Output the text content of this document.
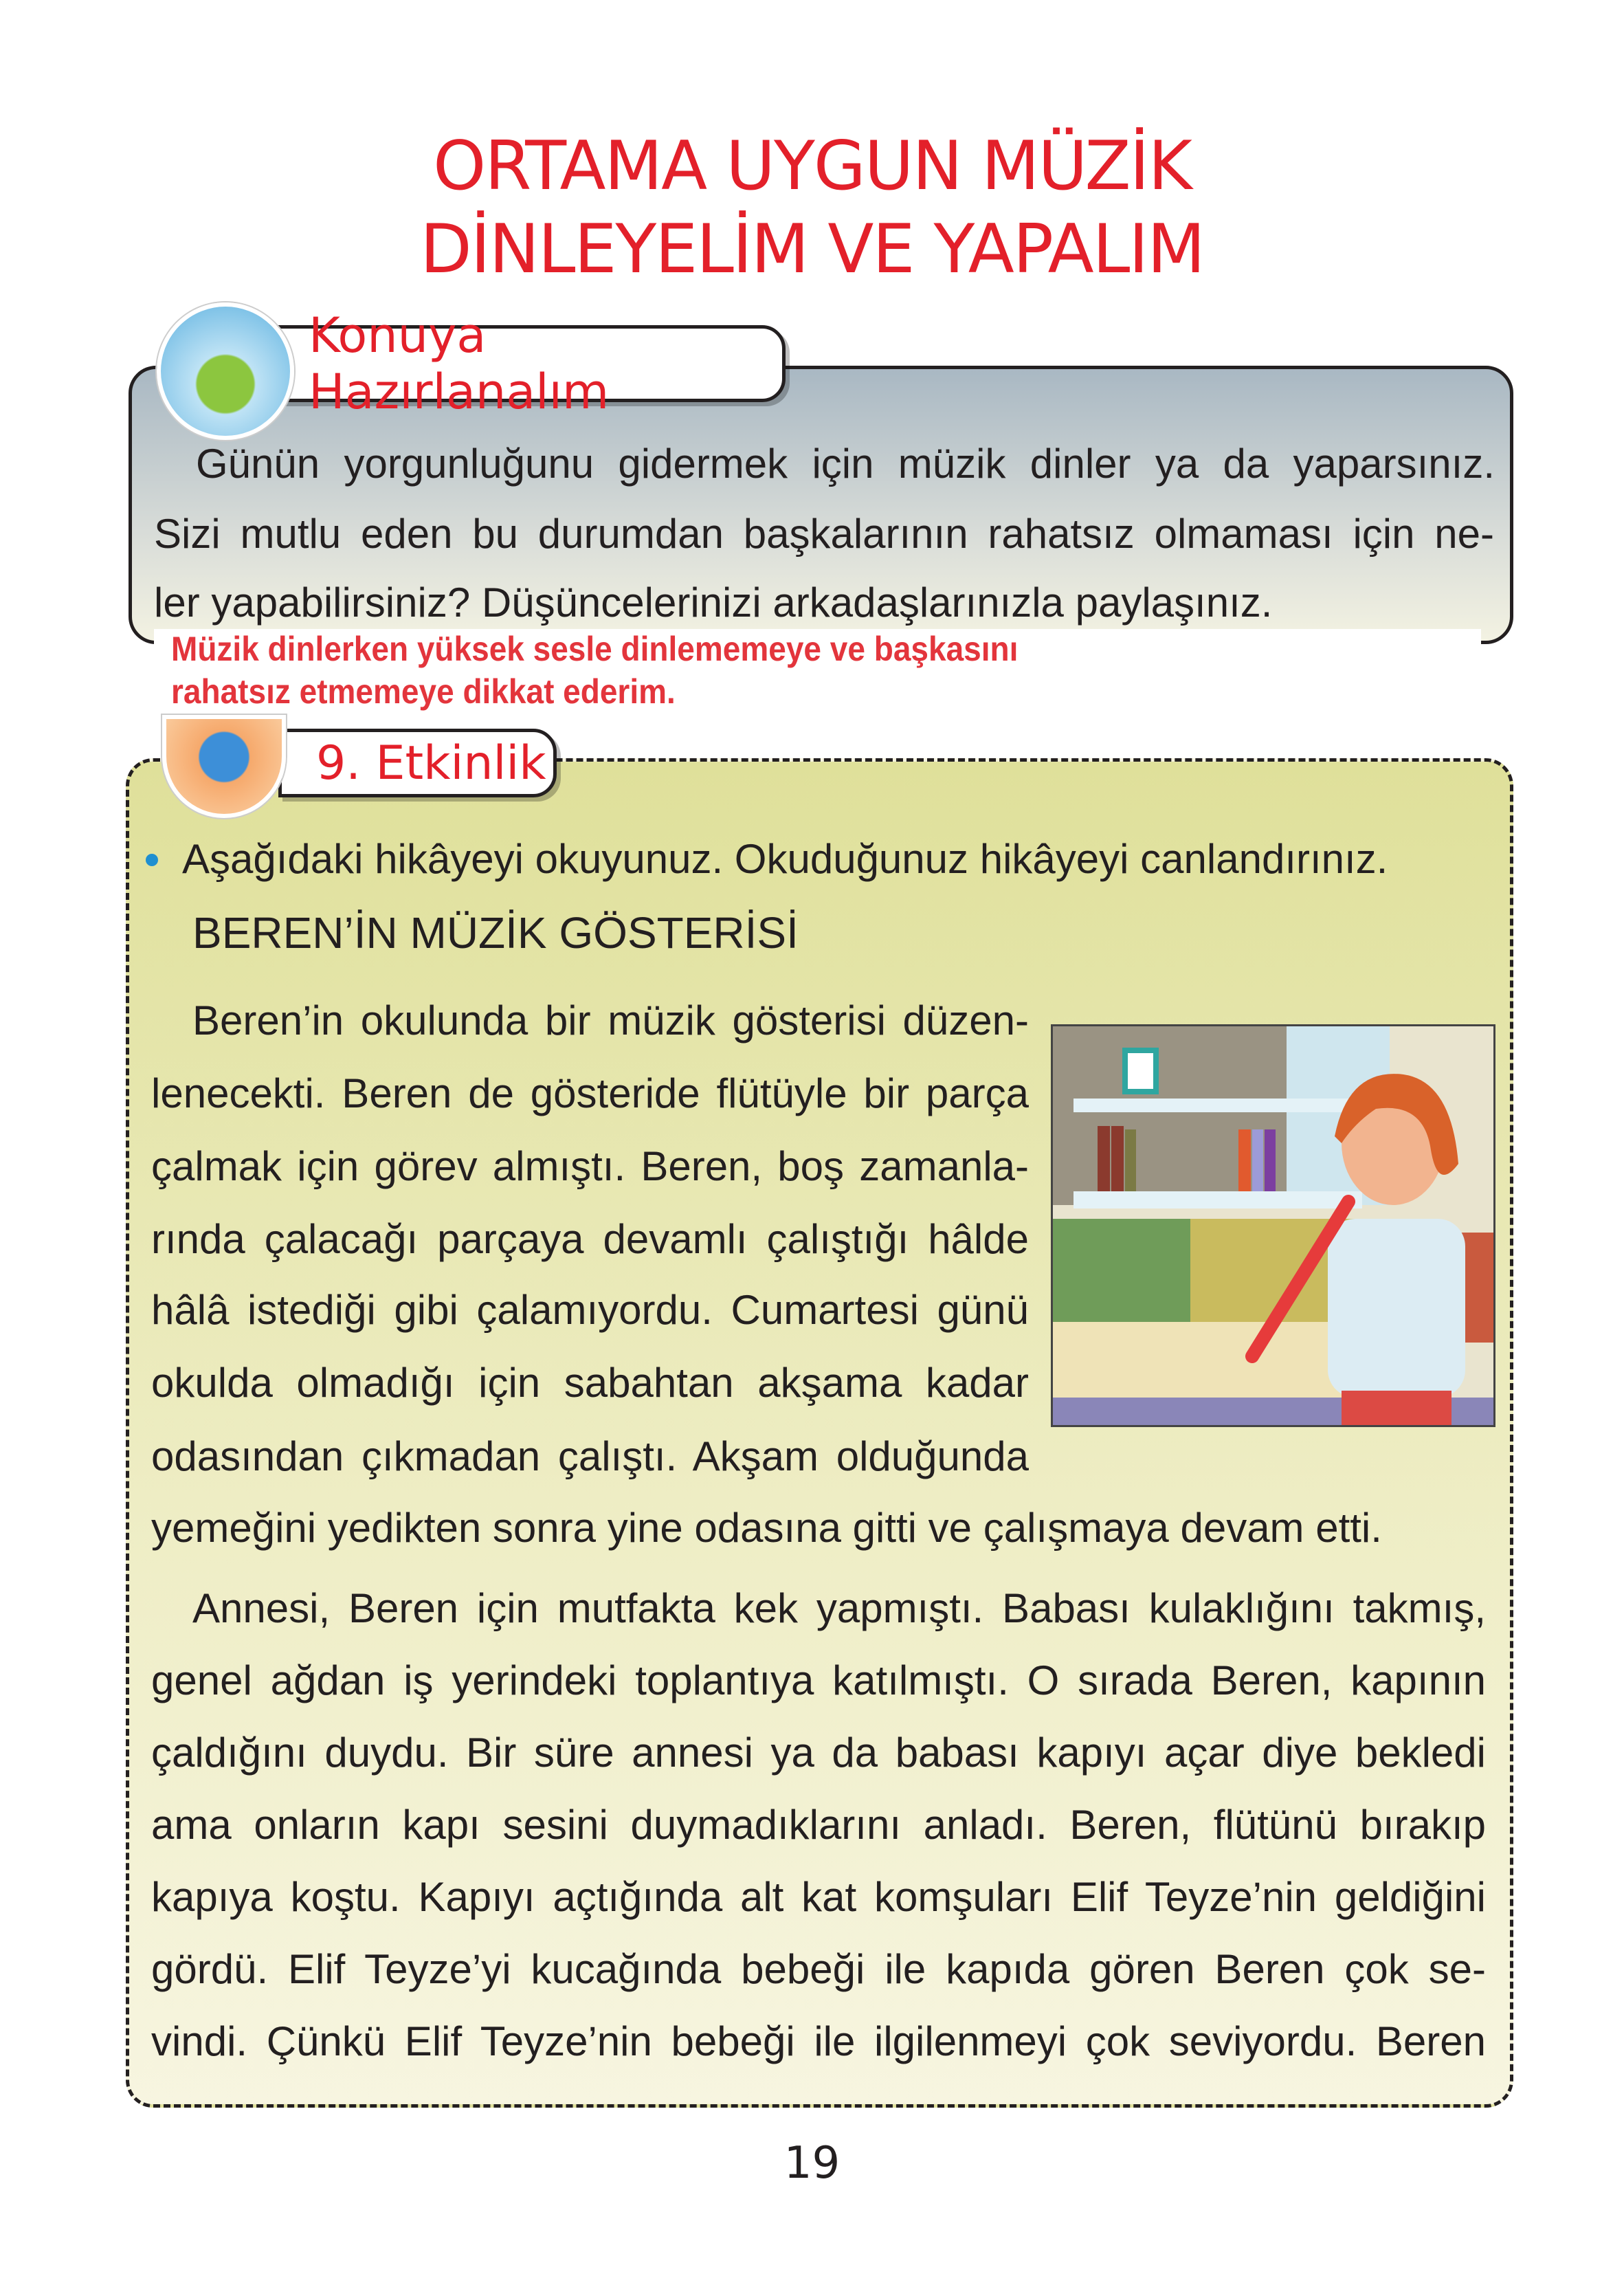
ORTAMA UYGUN MÜZİK
DİNLEYELİM VE YAPALIM
Konuya Hazırlanalım
Günün yorgunluğunu gidermek için müzik dinler ya da yaparsınız.
Sizi mutlu eden bu durumdan başkalarının rahatsız olmaması için ne-
ler yapabilirsiniz? Düşüncelerinizi arkadaşlarınızla paylaşınız.
Müzik dinlerken yüksek sesle dinlememeye ve başkasını
rahatsız etmemeye dikkat ederim.
9. Etkinlik
Aşağıdaki hikâyeyi okuyunuz. Okuduğunuz hikâyeyi canlandırınız.
BEREN’İN MÜZİK GÖSTERİSİ
Beren’in okulunda bir müzik gösterisi düzen-
lenecekti. Beren de gösteride flütüyle bir parça
çalmak için görev almıştı. Beren, boş zamanla-
rında çalacağı parçaya devamlı çalıştığı hâlde
hâlâ istediği gibi çalamıyordu. Cumartesi günü
okulda olmadığı için sabahtan akşama kadar
odasından çıkmadan çalıştı. Akşam olduğunda
yemeğini yedikten sonra yine odasına gitti ve çalışmaya devam etti.
Annesi, Beren için mutfakta kek yapmıştı. Babası kulaklığını takmış,
genel ağdan iş yerindeki toplantıya katılmıştı. O sırada Beren, kapının
çaldığını duydu. Bir süre annesi ya da babası kapıyı açar diye bekledi
ama onların kapı sesini duymadıklarını anladı. Beren, flütünü bırakıp
kapıya koştu. Kapıyı açtığında alt kat komşuları Elif Teyze’nin geldiğini
gördü. Elif Teyze’yi kucağında bebeği ile kapıda gören Beren çok se-
vindi. Çünkü Elif Teyze’nin bebeği ile ilgilenmeyi çok seviyordu. Beren
19
